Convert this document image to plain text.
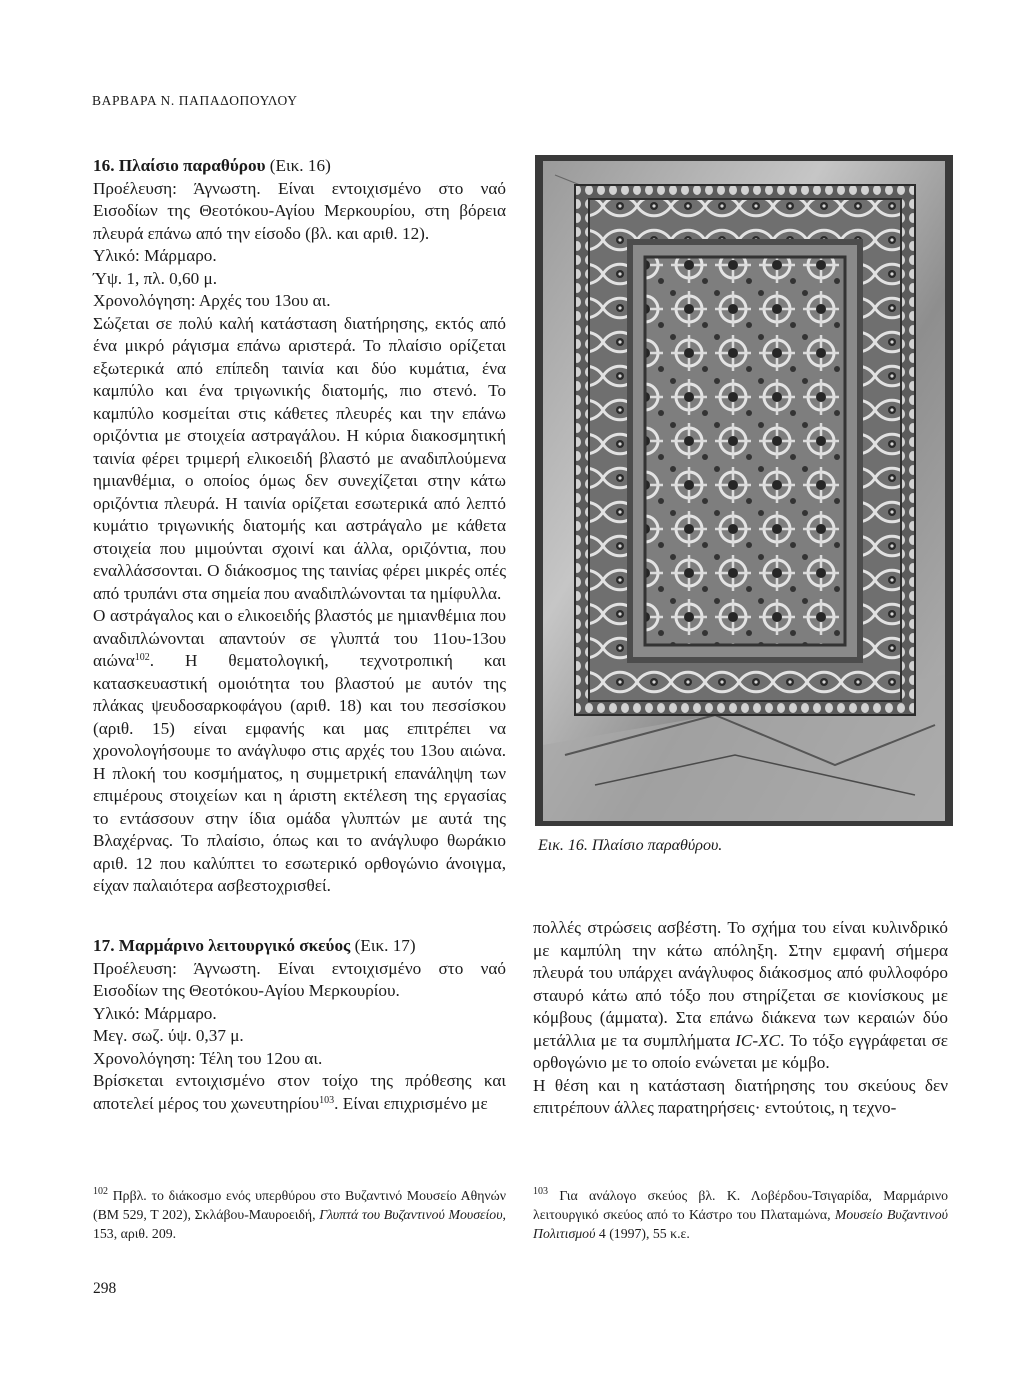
ΒΑΡΒΑΡΑ Ν. ΠΑΠΑΔΟΠΟΥΛΟΥ

16. Πλαίσιο παραθύρου (Εικ. 16)

Προέλευση: Άγνωστη. Είναι εντοιχισμένο στο ναό Εισοδίων της Θεοτόκου-Αγίου Μερκουρίου, στη βόρεια πλευρά επάνω από την είσοδο (βλ. και αριθ. 12).

Υλικό: Μάρμαρο.

Ύψ. 1, πλ. 0,60 μ.

Χρονολόγηση: Αρχές του 13ου αι.

Σώζεται σε πολύ καλή κατάσταση διατήρησης, εκτός από ένα μικρό ράγισμα επάνω αριστερά. Το πλαίσιο ορίζεται εξωτερικά από επίπεδη ταινία και δύο κυμάτια, ένα καμπύλο και ένα τριγωνικής διατομής, πιο στενό. Το καμπύλο κοσμείται στις κάθετες πλευρές και την επάνω οριζόντια με στοιχεία αστραγάλου. Η κύρια διακοσμητική ταινία φέρει τριμερή ελικοειδή βλαστό με αναδιπλούμενα ημιανθέμια, ο οποίος όμως δεν συνεχίζεται στην κάτω οριζόντια πλευρά. Η ταινία ορίζεται εσωτερικά από λεπτό κυμάτιο τριγωνικής διατομής και αστράγαλο με κάθετα στοιχεία που μιμούνται σχοινί και άλλα, οριζόντια, που εναλλάσσονται. Ο διάκοσμος της ταινίας φέρει μικρές οπές από τρυπάνι στα σημεία που αναδιπλώνονται τα ημίφυλλα.

Ο αστράγαλος και ο ελικοειδής βλαστός με ημιανθέμια που αναδιπλώνονται απαντούν σε γλυπτά του 11ου-13ου αιώνα$^{102}$. Η θεματολογική, τεχνοτροπική και κατασκευαστική ομοιότητα του βλαστού με αυτόν της πλάκας ψευδοσαρκοφάγου (αριθ. 18) και του πεσσίσκου (αριθ. 15) είναι εμφανής και μας επιτρέπει να χρονολογήσουμε το ανάγλυφο στις αρχές του 13ου αιώνα. Η πλοκή του κοσμήματος, η συμμετρική επανάληψη των επιμέρους στοιχείων και η άριστη εκτέλεση της εργασίας το εντάσσουν στην ίδια ομάδα γλυπτών με αυτά της Βλαχέρνας. Το πλαίσιο, όπως και το ανάγλυφο θωράκιο αριθ. 12 που καλύπτει το εσωτερικό ορθογώνιο άνοιγμα, είχαν παλαιότερα ασβεστοχρισθεί.

17. Μαρμάρινο λειτουργικό σκεύος (Εικ. 17)

Προέλευση: Άγνωστη. Είναι εντοιχισμένο στο ναό Εισοδίων της Θεοτόκου-Αγίου Μερκουρίου.

Υλικό: Μάρμαρο.

Μεγ. σωζ. ύψ. 0,37 μ.

Χρονολόγηση: Τέλη του 12ου αι.

Βρίσκεται εντοιχισμένο στον τοίχο της πρόθεσης και αποτελεί μέρος του χωνευτηρίου$^{103}$. Είναι επιχρισμένο με

πολλές στρώσεις ασβέστη. Το σχήμα του είναι κυλινδρικό με καμπύλη την κάτω απόληξη. Στην εμφανή σήμερα πλευρά του υπάρχει ανάγλυφος διάκοσμος από φυλλοφόρο σταυρό κάτω από τόξο που στηρίζεται σε κιονίσκους με κόμβους (άμματα). Στα επάνω διάκενα των κεραιών δύο μετάλλια με τα συμπλήματα IC-XC. Το τόξο εγγράφεται σε ορθογώνιο με το οποίο ενώνεται με κόμβο.

Η θέση και η κατάσταση διατήρησης του σκεύους δεν επιτρέπουν άλλες παρατηρήσεις· εντούτοις, η τεχνο-

Εικ. 16. Πλαίσιο παραθύρου.
$^{102}$ Πρβλ. το διάκοσμο ενός υπερθύρου στο Βυζαντινό Μουσείο Αθηνών (ΒΜ 529, Τ 202), Σκλάβου-Μαυροειδή, Γλυπτά του Βυζαντινού Μουσείου, 153, αριθ. 209.
$^{103}$ Για ανάλογο σκεύος βλ. Κ. Λοβέρδου-Τσιγαρίδα, Μαρμάρινο λειτουργικό σκεύος από το Κάστρο του Πλαταμώνα, Μουσείο Βυζαντινού Πολιτισμού 4 (1997), 55 κ.ε.
298
